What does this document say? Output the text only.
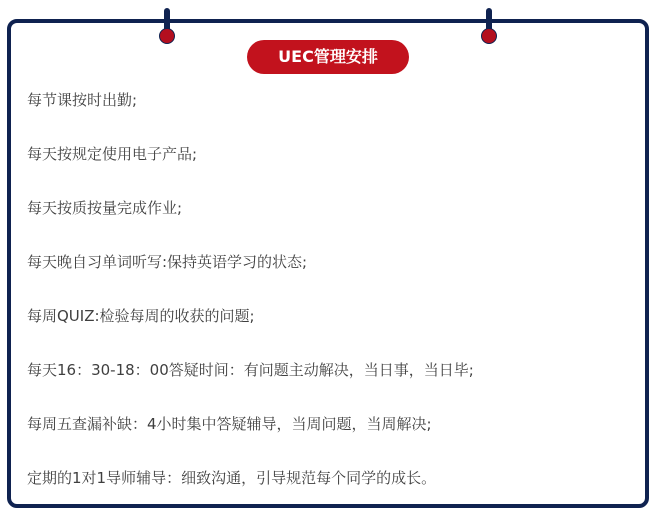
UEC管理安排
每节课按时出勤;
每天按规定使用电子产品;
每天按质按量完成作业;
每天晚自习单词听写:保持英语学习的状态;
每周QUIZ:检验每周的收获的问题;
每天16：30-18：00答疑时间：有问题主动解决，当日事，当日毕;
每周五查漏补缺：4小时集中答疑辅导，当周问题，当周解决;
定期的1对1导师辅导：细致沟通，引导规范每个同学的成长。
